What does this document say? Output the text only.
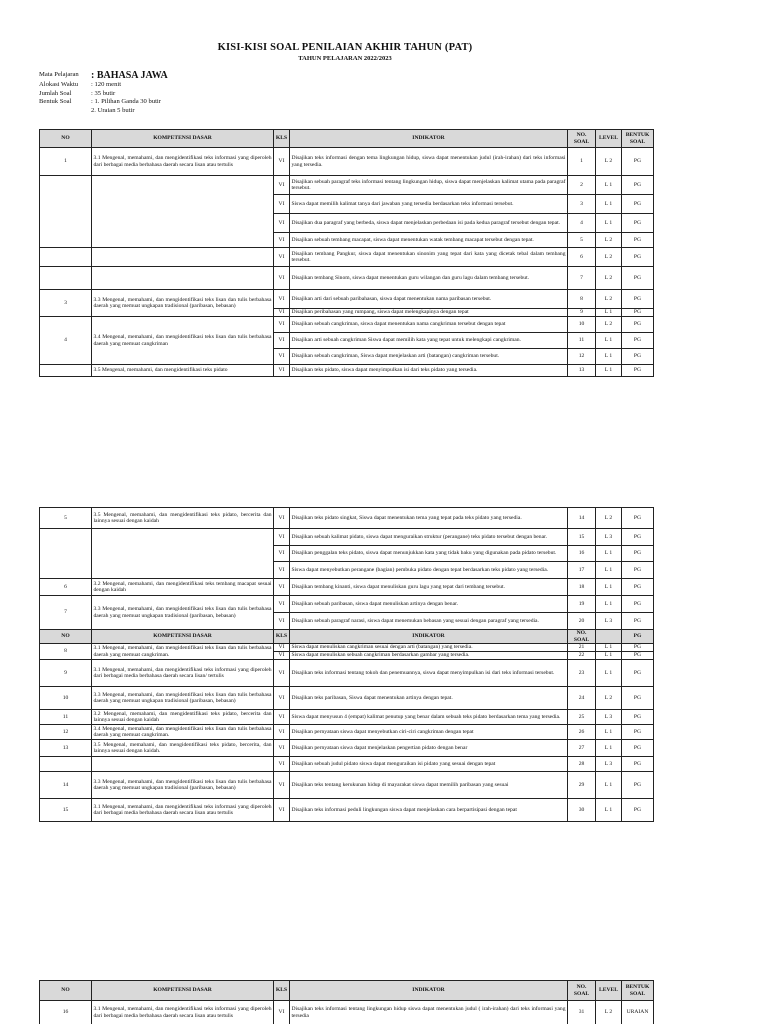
KISI-KISI SOAL PENILAIAN AKHIR TAHUN (PAT)
TAHUN PELAJARAN 2022/2023
Mata Pelajaran	: BAHASA JAWA
Alokasi Waktu	: 120 menit
Jumlah Soal	: 35 butir
Bentuk Soal	: 1. Pilihan Ganda 30 butir
2. Uraian 5 butir
NO	KOMPETENSI DASAR	KLS	INDIKATOR	NO. SOAL	LEVEL	BENTUK SOAL
1	3.1 Mengenal, memahami, dan mengidentifikasi teks informasi yang diperoleh dari berbagai media berbahasa daerah secara lisan atau tertulis	VI	Disajikan teks informasi dengan tema lingkungan hidup, siswa dapat menentukan judul (irah-irahan) dari teks informasi yang tersedia.	1	L 2	PG
		VI	Disajikan sebuah paragraf teks informasi tentang lingkungan hidup, siswa dapat menjelaskan kalimat utama pada paragraf tersebut.	2	L 1	PG
		VI	Siswa dapat memilih kalimat tanya dari jawaban yang tersedia berdasarkan teks informasi tersebut.	3	L 1	PG
		VI	Disajikan dua paragraf yang berbeda, siswa dapat menjelaskan perbedaan isi pada kedua paragraf tersebut dengan tepat.	4	L 1	PG
		VI	Disajikan sebuah tembang macapat, siswa dapat menentukan watak tembang macapat tersebut dengan tepat.	5	L 2	PG
		VI	Disajikan tembang Pangkur, siswa dapat menentukan sinonim yang tepat dari kata yang dicetak tebal dalam tembang tersebut.	6	L 2	PG
		VI	Disajikan tembang Sinom, siswa dapat menentukan guru wilangan dan guru lagu dalam tembang tersebut.	7	L 2	PG
3	3.3 Mengenal, memahami, dan mengidentifikasi teks lisan dan tulis berbahasa daerah yang memuat ungkapan tradisional (paribasan, bebasan)	VI	Disajikan arti dari sebuah paribahasan, siswa dapat menentukan nama paribasan tersebut.	8	L 2	PG
		VI	Disajikan peribahasan yang rumpang, siswa dapat melengkapinya dengan tepat	9	L 1	PG
4	3.4 Mengenal, memahami, dan mengidentifikasi teks lisan dan tulis berbahasa daerah yang memuat cangkriman	VI	Disajikan sebuah cangkriman, siswa dapat menentukan nama cangkriman tersebut dengan tepat	10	L 2	PG
		VI	Disajikan arti sebuah cangkriman Siswa dapat memilih kata yang tepat untuk melengkapi cangkriman.	11	L 1	PG
		VI	Disajikan sebuah cangkriman, Siswa dapat menjelaskan arti (batangan) cangkriman tersebut.	12	L 1	PG
	3.5 Mengenal, memahami, dan mengidentifikasi teks pidato	VI	Disajikan teks pidato, siswa dapat menyimpulkan isi dari teks pidato yang tersedia.	13	L 1	PG
5	3.5 Mengenal, memahami, dan mengidentifikasi teks pidato, bercerita dan lainnya sesuai dengan kaidah	VI	Disajikan teks pidato singkat, Siswa dapat menentukan tema yang tepat pada teks pidato yang tersedia.	14	L 2	PG
		VI	Disajikan sebuah kalimat pidato, siswa dapat menguraikan struktur (perangane) teks pidato tersebut dengan benar.	15	L 3	PG
		VI	Disajikan penggalan teks pidato, siswa dapat menunjukkan kata yang tidak baku yang digunakan pada pidato tersebut.	16	L 1	PG
		VI	Siswa dapat menyebutkan perangane (bagian) pembuka pidato dengan tepat berdasarkan teks pidato yang tersedia.	17	L 1	PG
6	3.2 Mengenal, memahami, dan mengidentifikasi teks tembang macapat sesuai dengan kaidah	VI	Disajikan tembang kinanti, siswa dapat menuliskan guru lagu yang tepat dari tembang tersebut.	18	L 1	PG
7	3.3 Mengenal, memahami, dan mengidentifikasi teks lisan dan tulis berbahasa daerah yang memuat ungkapan tradisional (paribasan, bebasan)	VI	Disajikan sebuah paribasan, siswa dapat menuliskan artinya dengan benar.	19	L 1	PG
		VI	Disajikan sebuah paragraf narasi, siswa dapat menemukan bebasan yang sesuai dengan paragraf yang tersedia.	20	L 3	PG
NO	KOMPETENSI DASAR	KLS	INDIKATOR	NO. SOAL		PG
8	3.1 Mengenal, memahami, dan mengidentifikasi teks lisan dan tulis berbahasa daerah yang memuat cangkriman.	VI	Siswa dapat menuliskan cangkriman sesuai dengan arti (batangan) yang tersedia.	21	L 1	PG
		VI	Siswa dapat menuliskan sebuah cangkriman berdasarkan gambar yang tersedia.	22	L 1	PG
9	3.1 Mengenal, memahami, dan mengidentifikasi teks informasi yang diperoleh dari berbagai media berbahasa daerah secara lisan/ tertulis	VI	Disajikan teks informasi tentang tokoh dan penemuannya, siswa dapat menyimpulkan isi dari teks informasi tersebut.	23	L 1	PG
10	3.3 Mengenal, memahami, dan mengidentifikasi teks lisan dan tulis berbahasa daerah yang memuat ungkapan tradisional (paribasan, bebasan)	VI	Disajikan teks paribasan, Siswa dapat menentukan artinya dengan tepat.	24	L 2	PG
11	3.2 Mengenal, memahami, dan mengidentifikasi teks pidato, bercerita dan lainnya sesuai dengan kaidah	VI	Siswa dapat menyusun 4 (empat) kalimat penutup yang benar dalam sebuah teks pidato berdasarkan tema yang tersedia.	25	L 3	PG
12	3.4 Mengenal, memahami, dan mengidentifikasi teks lisan dan tulis berbahasa daerah yang memuat cangkriman.	VI	Disajikan pernyataan siswa dapat menyebutkan ciri-ciri cangkriman dengan tepat	26	L 1	PG
13	3.5 Mengenal, memahami, dan mengidentifikasi teks pidato, bercerita, dan lainnya sesuai dengan kaidah.	VI	Disajikan pernyataan siswa dapat menjelaskan pengertian pidato dengan benar	27	L 1	PG
		VI	Disajikan sebuah judul pidato siswa dapat menguraikan isi pidato yang sesuai dengan tepat	28	L 3	PG
14	3.3 Mengenal, memahami, dan mengidentifikasi teks lisan dan tulis berbahasa daerah yang memuat ungkapan tradisional (paribasan, bebasan)	VI	Disajikan teks tentang kerukunan hidup di mayarakat siswa dapat memilih paribasan yang sesuai	29	L 1	PG
15	3.1 Mengenal, memahami, dan mengidentifikasi teks informasi yang diperoleh dari berbagai media berbahasa daerah secara lisan atau tertulis	VI	Disajikan teks informasi peduli lingkungan siswa dapat menjelaskan cara berpartisipasi dengan tepat	30	L 1	PG
NO	KOMPETENSI DASAR	KLS	INDIKATOR	NO. SOAL	LEVEL	BENTUK SOAL
16	3.1 Mengenal, memahami, dan mengidentifikasi teks informasi yang diperoleh dari berbagai media berbahasa daerah secara lisan atau tertulis	VI	Disajikan teks informasi tentang lingkungan hidup siswa dapat menentukan judul ( irah-irahan) dari teks informasi yang tersedia	31	L 2	URAIAN
